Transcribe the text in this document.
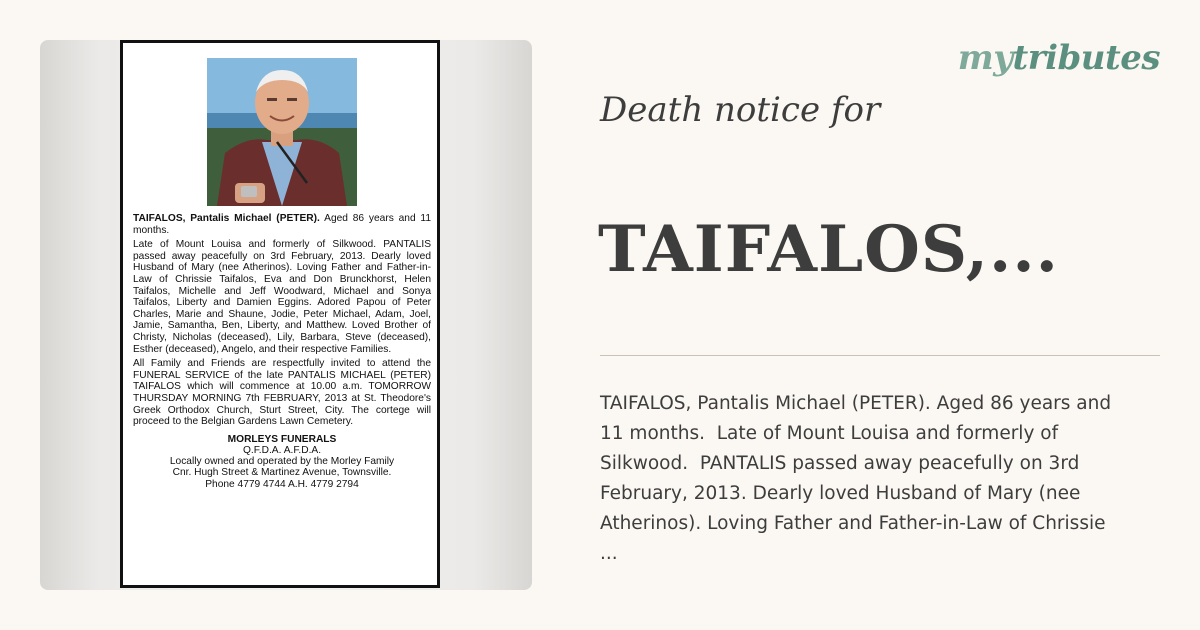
TAIFALOS, Pantalis Michael (PETER). Aged 86 years and 11 months.

Late of Mount Louisa and formerly of Silkwood. PANTALIS passed away peacefully on 3rd February, 2013. Dearly loved Husband of Mary (nee Atherinos). Loving Father and Father-in-Law of Chrissie Taifalos, Eva and Don Brunckhorst, Helen Taifalos, Michelle and Jeff Woodward, Michael and Sonya Taifalos, Liberty and Damien Eggins. Adored Papou of Peter Charles, Marie and Shaune, Jodie, Peter Michael, Adam, Joel, Jamie, Samantha, Ben, Liberty, and Matthew. Loved Brother of Christy, Nicholas (deceased), Lily, Barbara, Steve (deceased), Esther (deceased), Angelo, and their respective Families.

All Family and Friends are respectfully invited to attend the FUNERAL SERVICE of the late PANTALIS MICHAEL (PETER) TAIFALOS which will commence at 10.00 a.m. TOMORROW THURSDAY MORNING 7th FEBRUARY, 2013 at St. Theodore's Greek Orthodox Church, Sturt Street, City. The cortege will proceed to the Belgian Gardens Lawn Cemetery.

MORLEYS FUNERALS
Q.F.D.A. A.F.D.A.
Locally owned and operated by the Morley Family
Cnr. Hugh Street & Martinez Avenue, Townsville.
Phone 4779 4744 A.H. 4779 2794
mytributes
Death notice for
TAIFALOS,...
TAIFALOS, Pantalis Michael (PETER). Aged 86 years and
11 months.  Late of Mount Louisa and formerly of
Silkwood.  PANTALIS passed away peacefully on 3rd
February, 2013. Dearly loved Husband of Mary (nee
Atherinos). Loving Father and Father-in-Law of Chrissie
...
